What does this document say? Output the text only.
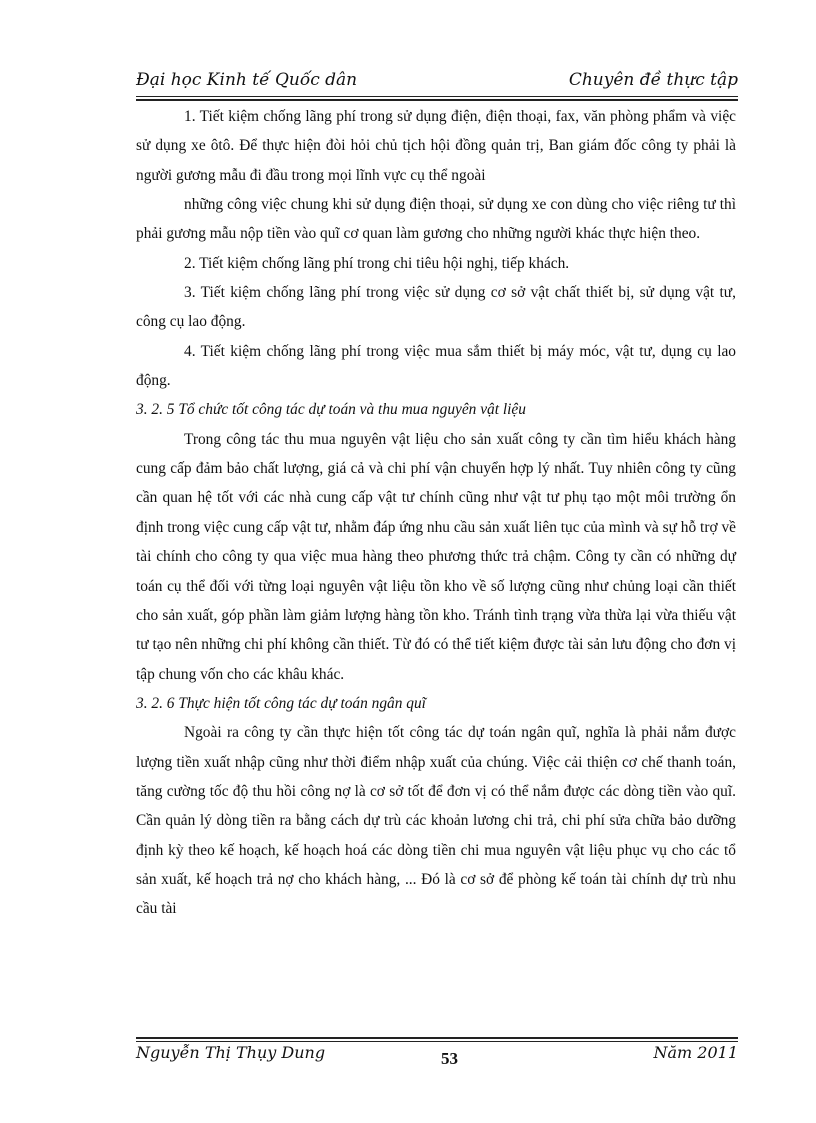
Đại học Kinh tế Quốc dân	Chuyên đề thực tập

1. Tiết kiệm chống lãng phí trong sử dụng điện, điện thoại, fax, văn phòng phẩm và việc sử dụng xe ôtô. Để thực hiện đòi hỏi chủ tịch hội đồng quản trị, Ban giám đốc công ty phải là người gương mẫu đi đầu trong mọi lĩnh vực cụ thể ngoài

những công việc chung khi sử dụng điện thoại, sử dụng xe con dùng cho việc riêng tư thì phải gương mẫu nộp tiền vào quĩ cơ quan làm gương cho những người khác thực hiện theo.

2. Tiết kiệm chống lãng phí trong chi tiêu hội nghị, tiếp khách.

3. Tiết kiệm chống lãng phí trong việc sử dụng cơ sở vật chất thiết bị, sử dụng vật tư, công cụ lao động.

4. Tiết kiệm chống lãng phí trong việc mua sắm thiết bị máy móc, vật tư, dụng cụ lao động.

3. 2. 5 Tổ chức tốt công tác dự toán và thu mua nguyên vật liệu

Trong công tác thu mua nguyên vật liệu cho sản xuất công ty cần tìm hiểu khách hàng cung cấp đảm bảo chất lượng, giá cả và chi phí vận chuyển hợp lý nhất. Tuy nhiên công ty cũng cần quan hệ tốt với các nhà cung cấp vật tư chính cũng như vật tư phụ tạo một môi trường ổn định trong việc cung cấp vật tư, nhằm đáp ứng nhu cầu sản xuất liên tục của mình và sự hỗ trợ về tài chính cho công ty qua việc mua hàng theo phương thức trả chậm. Công ty cần có những dự toán cụ thể đối với từng loại nguyên vật liệu tồn kho về số lượng cũng như chủng loại cần thiết cho sản xuất, góp phần làm giảm lượng hàng tồn kho. Tránh tình trạng vừa thừa lại vừa thiếu vật tư tạo nên những chi phí không cần thiết. Từ đó có thể tiết kiệm được tài sản lưu động cho đơn vị tập chung vốn cho các khâu khác.

3. 2. 6 Thực hiện tốt công tác dự toán ngân quĩ

Ngoài ra công ty cần thực hiện tốt công tác dự toán ngân quĩ, nghĩa là phải nắm được lượng tiền xuất nhập cũng như thời điểm nhập xuất của chúng. Việc cải thiện cơ chế thanh toán, tăng cường tốc độ thu hồi công nợ là cơ sở tốt để đơn vị có thể nắm được các dòng tiền vào quĩ. Cần quản lý dòng tiền ra bằng cách dự trù các khoản lương chi trả, chi phí sửa chữa bảo dưỡng định kỳ theo kế hoạch, kế hoạch hoá các dòng tiền chi mua nguyên vật liệu phục vụ cho các tổ sản xuất, kế hoạch trả nợ cho khách hàng, ... Đó là cơ sở để phòng kế toán tài chính dự trù nhu cầu tài

Nguyễn Thị Thụy Dung	53	Năm 2011
